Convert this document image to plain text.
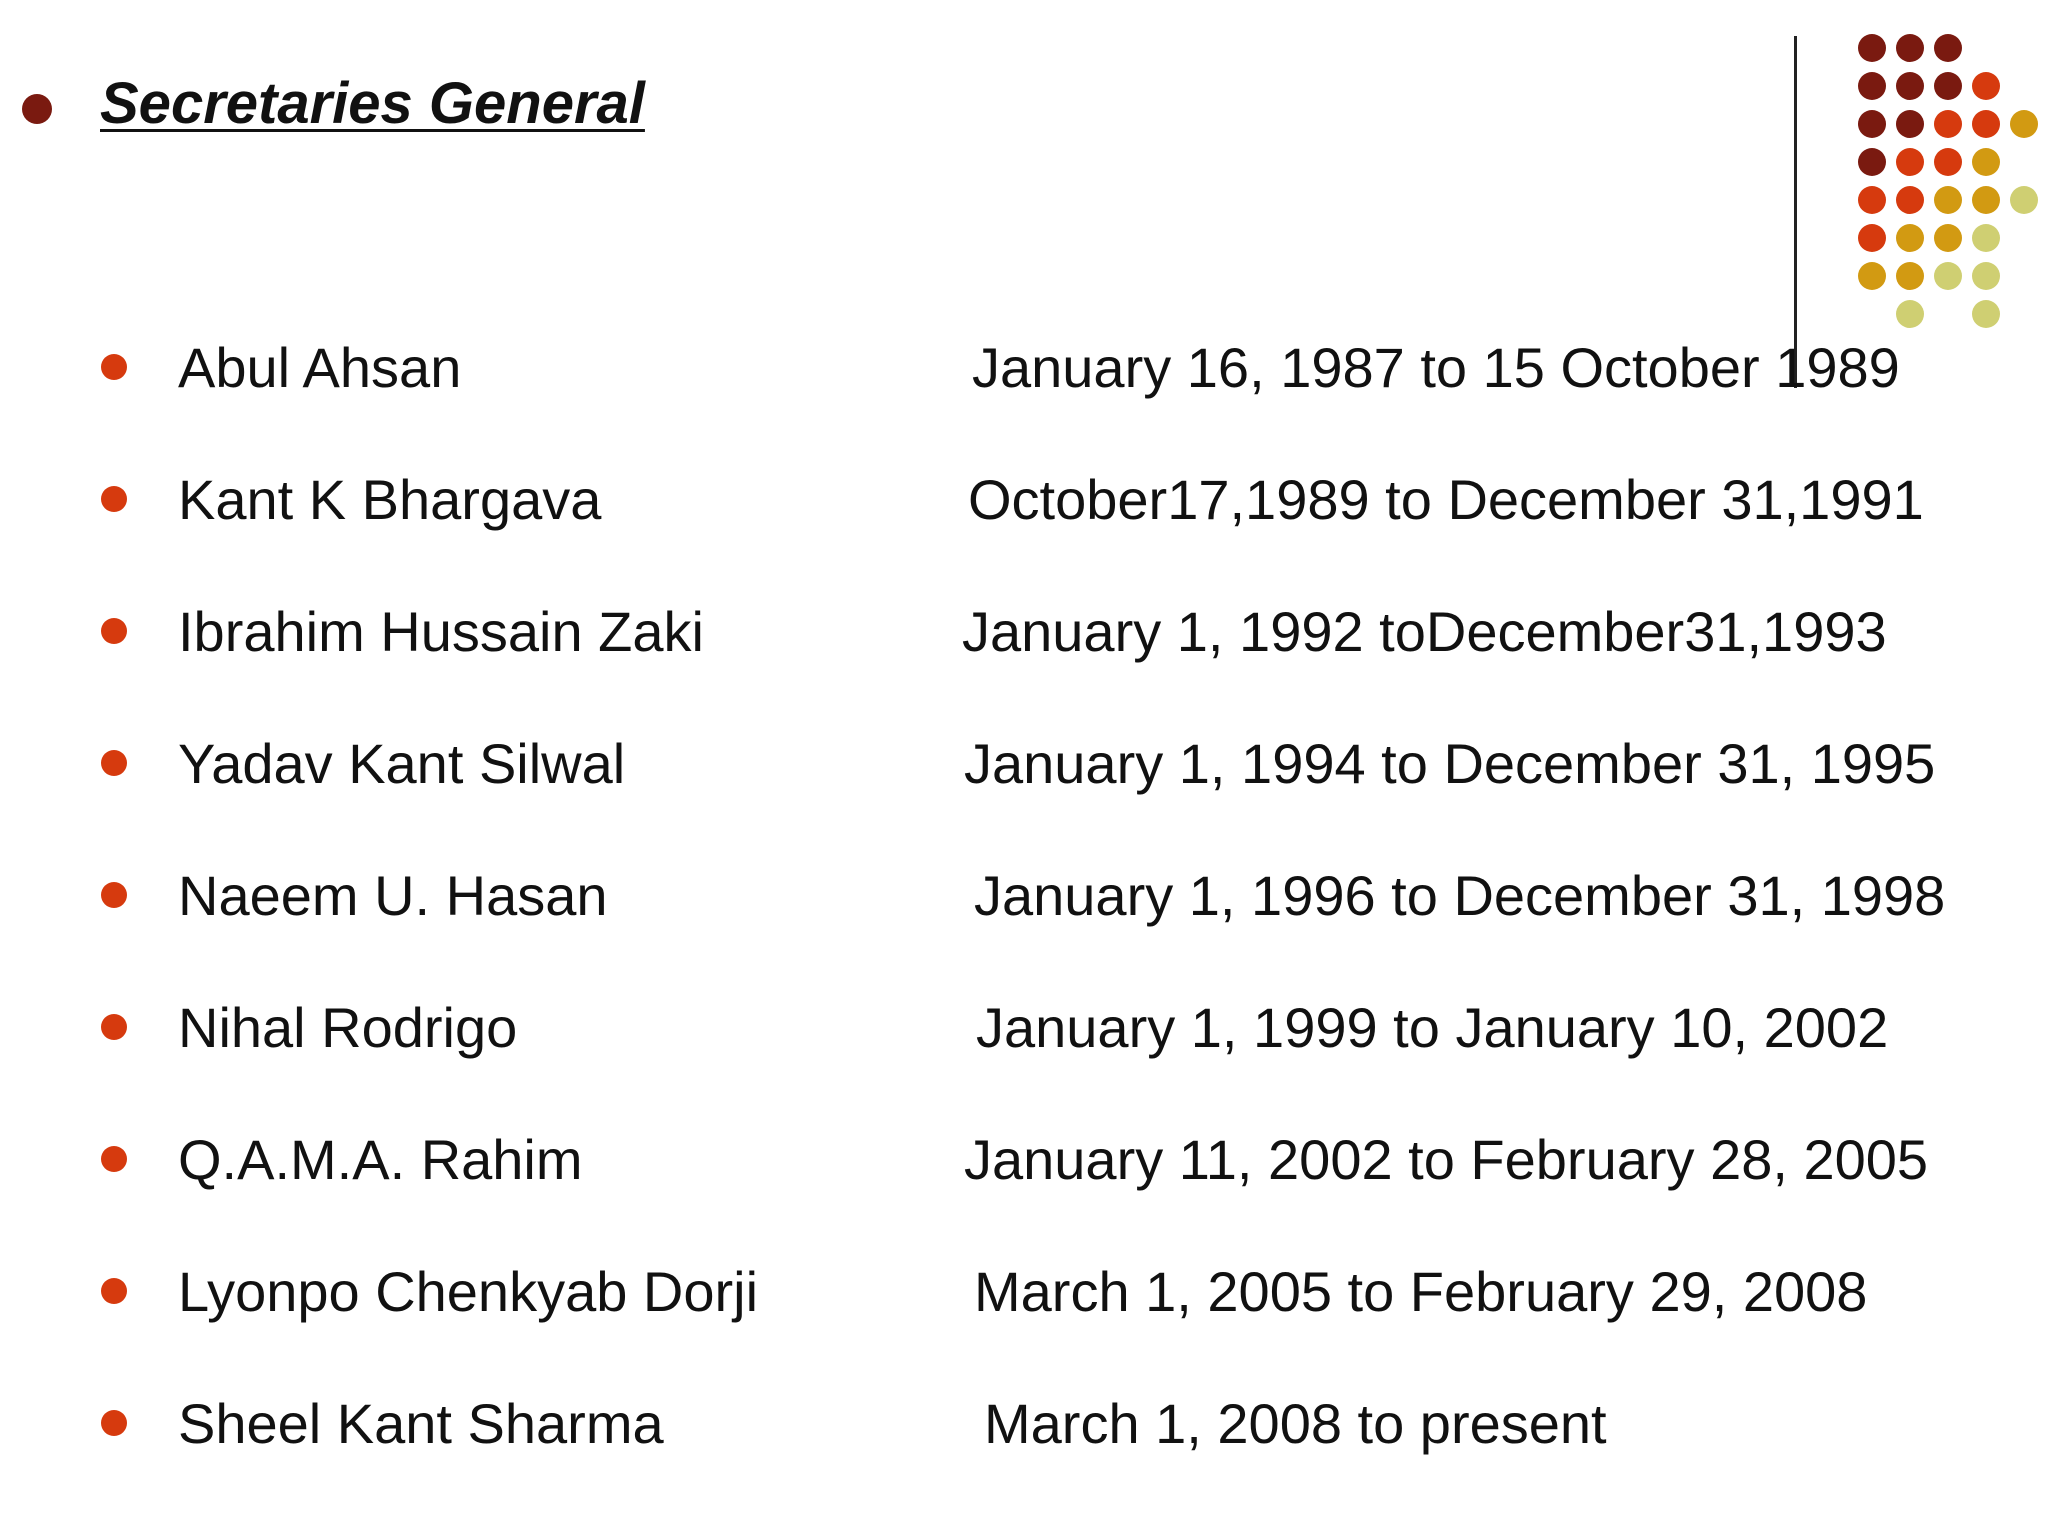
Secretaries General
Abul Ahsan	January 16, 1987 to 15 October 1989
Kant K Bhargava	October17,1989 to December 31,1991
Ibrahim Hussain Zaki	January 1, 1992 toDecember31,1993
Yadav Kant Silwal	January 1, 1994 to December 31, 1995
Naeem U. Hasan	January 1, 1996 to December 31, 1998
Nihal Rodrigo	January 1, 1999 to January 10, 2002
Q.A.M.A. Rahim	January 11, 2002 to February 28, 2005
Lyonpo Chenkyab Dorji	March 1, 2005 to February 29, 2008
Sheel Kant Sharma	March 1, 2008 to present
